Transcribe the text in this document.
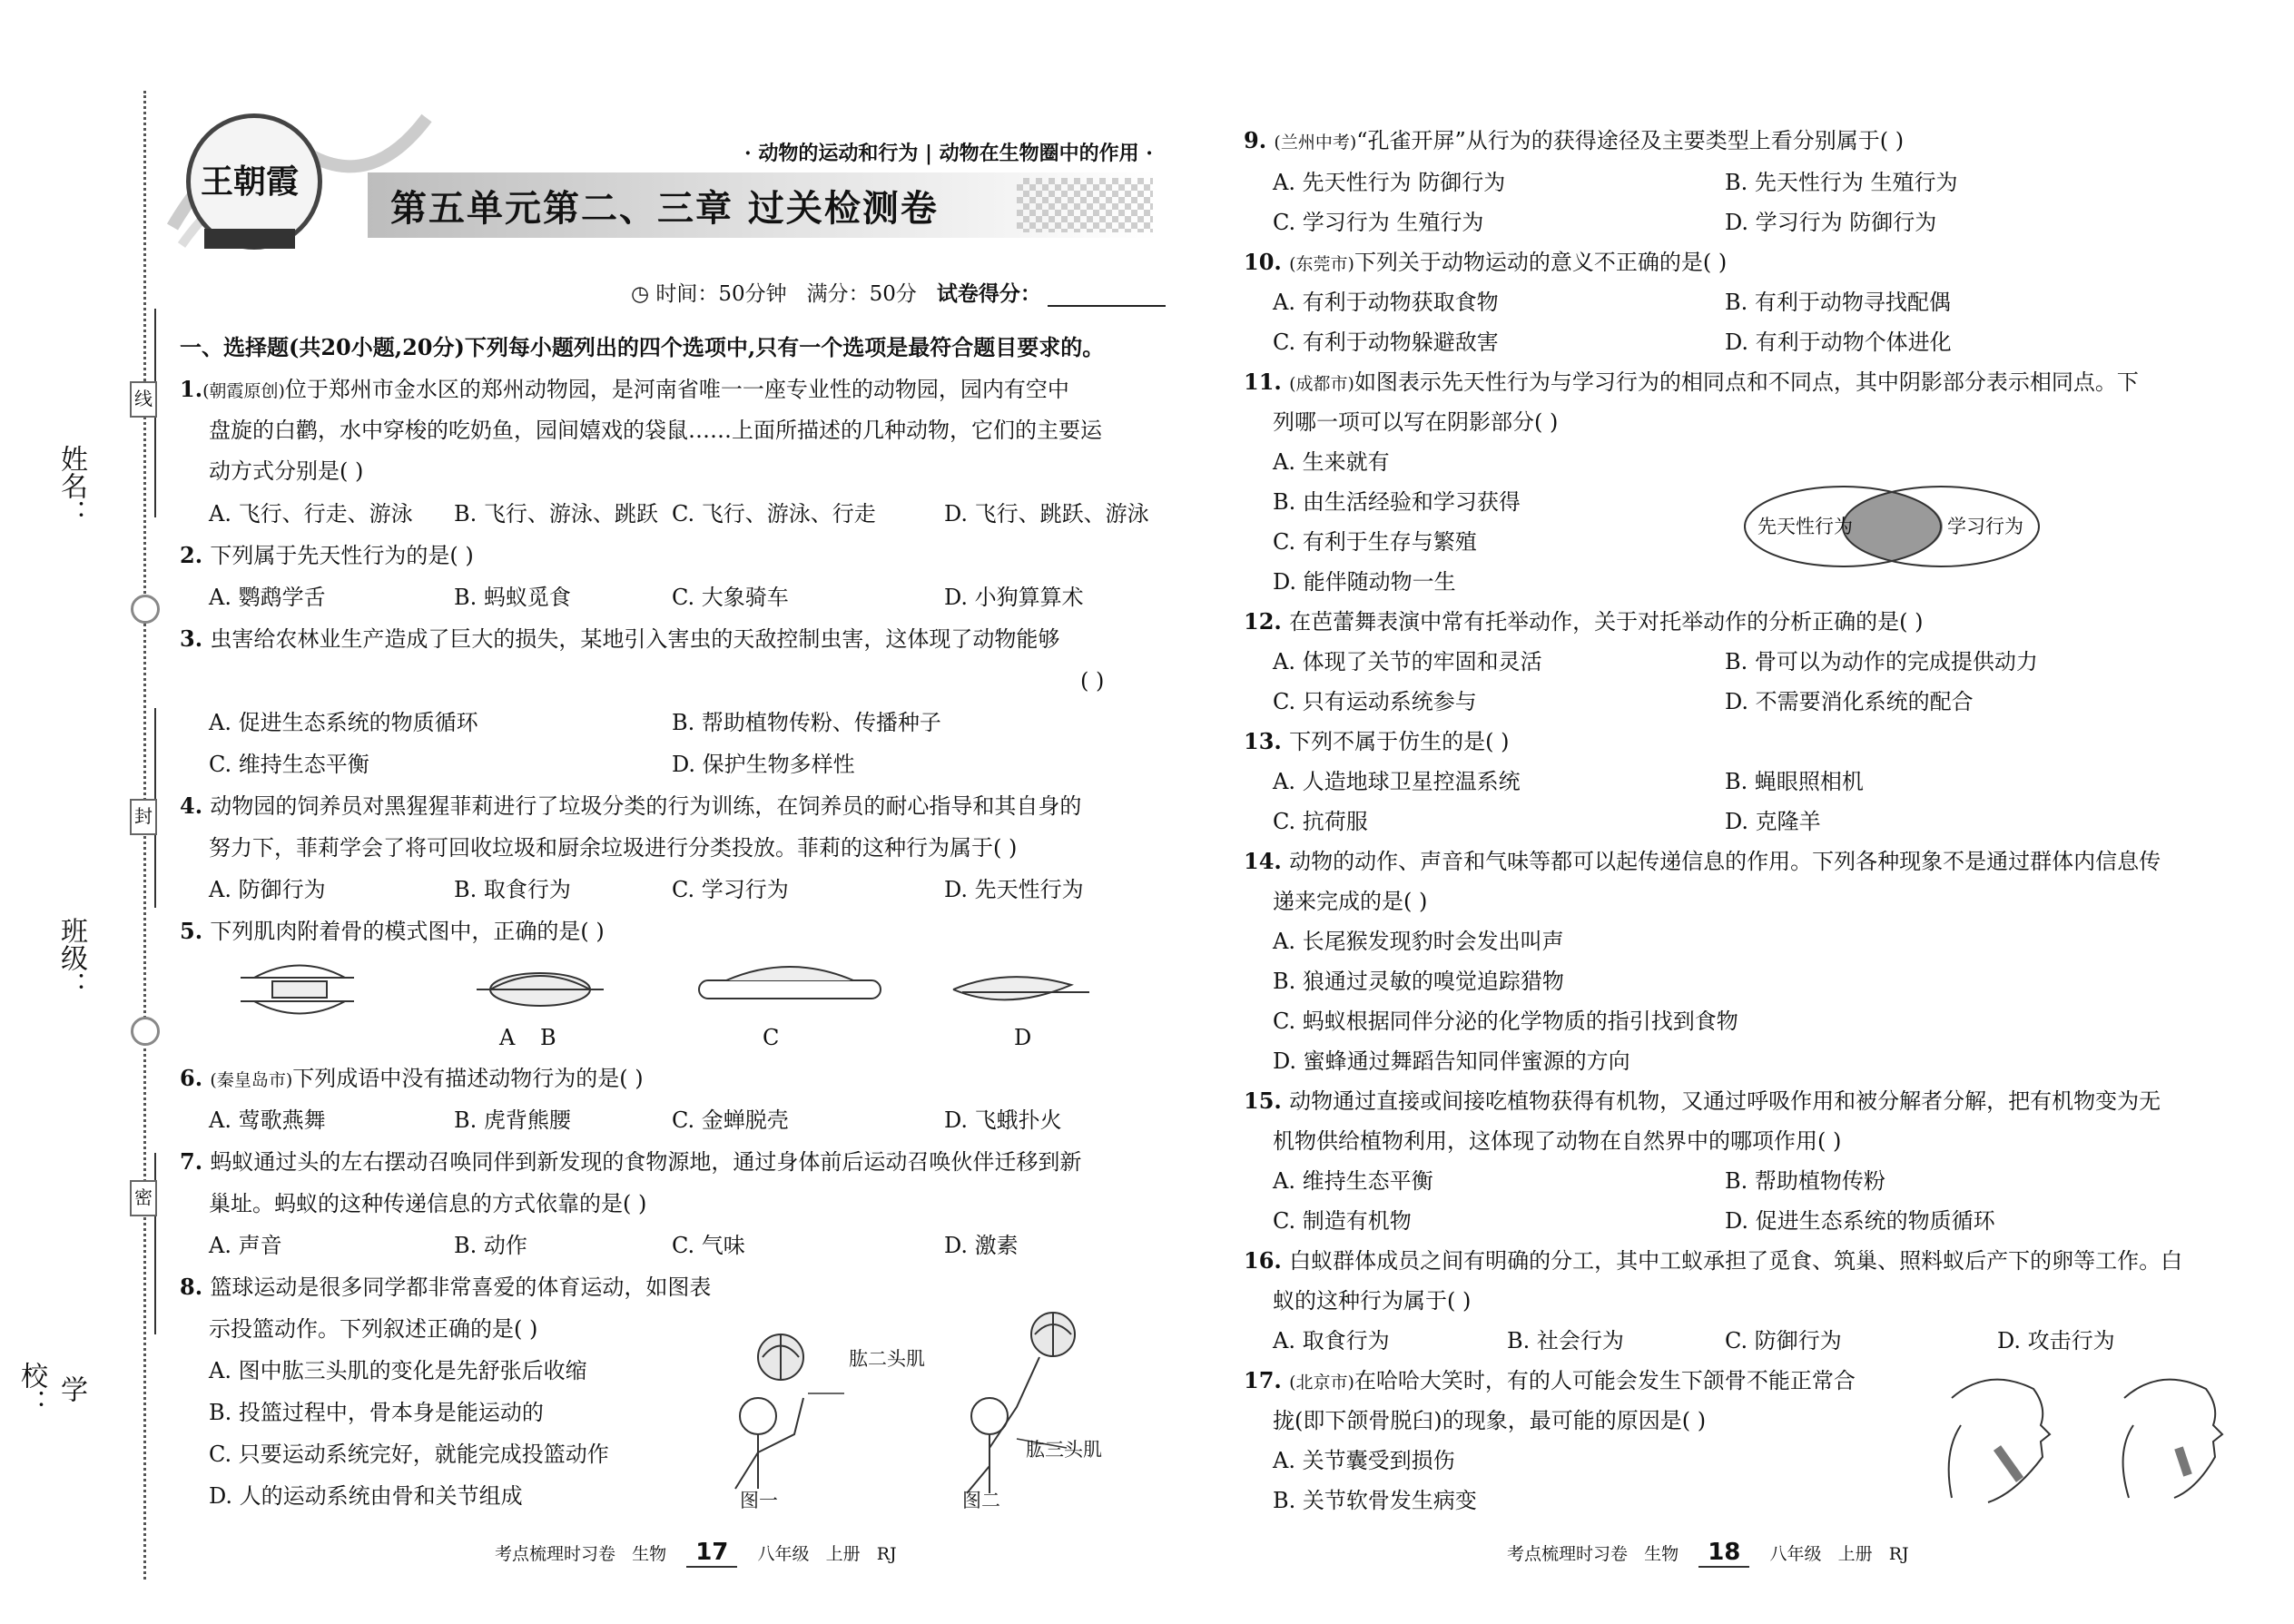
姓名：
班级：
学校：
线
封
密
王朝霞
· 动物的运动和行为 | 动物在生物圈中的作用 ·
第五单元第二、三章 过关检测卷
◷ 时间：50分钟 满分：50分 试卷得分：
一、选择题(共20小题,20分)下列每小题列出的四个选项中,只有一个选项是最符合题目要求的。
1.(朝霞原创)位于郑州市金水区的郑州动物园，是河南省唯一一座专业性的动物园，园内有空中
盘旋的白鹳，水中穿梭的吃奶鱼，园间嬉戏的袋鼠……上面所描述的几种动物，它们的主要运
动方式分别是( )
A. 飞行、行走、游泳 B. 飞行、游泳、跳跃 C. 飞行、游泳、行走	D. 飞行、跳跃、游泳
2. 下列属于先天性行为的是( )
A. 鹦鹉学舌	B. 蚂蚁觅食	C. 大象骑车	D. 小狗算算术
3. 虫害给农林业生产造成了巨大的损失，某地引入害虫的天敌控制虫害，这体现了动物能够
( )
A. 促进生态系统的物质循环	B. 帮助植物传粉、传播种子
C. 维持生态平衡	D. 保护生物多样性
4. 动物园的饲养员对黑猩猩菲莉进行了垃圾分类的行为训练，在饲养员的耐心指导和其自身的
努力下，菲莉学会了将可回收垃圾和厨余垃圾进行分类投放。菲莉的这种行为属于( )
A. 防御行为	B. 取食行为	C. 学习行为	D. 先天性行为
5. 下列肌肉附着骨的模式图中，正确的是( )
A	C
B	D
6. (秦皇岛市)下列成语中没有描述动物行为的是( )
A. 莺歌燕舞	B. 虎背熊腰	C. 金蝉脱壳	D. 飞蛾扑火
7. 蚂蚁通过头的左右摆动召唤同伴到新发现的食物源地，通过身体前后运动召唤伙伴迁移到新
巢址。蚂蚁的这种传递信息的方式依靠的是( )
A. 声音	B. 动作	C. 气味	D. 激素
8. 篮球运动是很多同学都非常喜爱的体育运动，如图表
示投篮动作。下列叙述正确的是( )
A. 图中肱三头肌的变化是先舒张后收缩
B. 投篮过程中，骨本身是能运动的
C. 只要运动系统完好，就能完成投篮动作
D. 人的运动系统由骨和关节组成
肱二头肌
肱三头肌
图一	图二
考点梳理时习卷 生物 17 八年级 上册 RJ
9. (兰州中考)“孔雀开屏”从行为的获得途径及主要类型上看分别属于( )
A. 先天性行为 防御行为	B. 先天性行为 生殖行为
C. 学习行为 生殖行为	D. 学习行为 防御行为
10. (东莞市)下列关于动物运动的意义不正确的是( )
A. 有利于动物获取食物	B. 有利于动物寻找配偶
C. 有利于动物躲避敌害	D. 有利于动物个体进化
11. (成都市)如图表示先天性行为与学习行为的相同点和不同点，其中阴影部分表示相同点。下
列哪一项可以写在阴影部分( )
A. 生来就有
B. 由生活经验和学习获得
C. 有利于生存与繁殖
D. 能伴随动物一生
先天性行为	学习行为
12. 在芭蕾舞表演中常有托举动作，关于对托举动作的分析正确的是( )
A. 体现了关节的牢固和灵活	B. 骨可以为动作的完成提供动力
C. 只有运动系统参与	D. 不需要消化系统的配合
13. 下列不属于仿生的是( )
A. 人造地球卫星控温系统	B. 蝇眼照相机
C. 抗荷服	D. 克隆羊
14. 动物的动作、声音和气味等都可以起传递信息的作用。下列各种现象不是通过群体内信息传
递来完成的是( )
A. 长尾猴发现豹时会发出叫声
B. 狼通过灵敏的嗅觉追踪猎物
C. 蚂蚁根据同伴分泌的化学物质的指引找到食物
D. 蜜蜂通过舞蹈告知同伴蜜源的方向
15. 动物通过直接或间接吃植物获得有机物，又通过呼吸作用和被分解者分解，把有机物变为无
机物供给植物利用，这体现了动物在自然界中的哪项作用( )
A. 维持生态平衡	B. 帮助植物传粉
C. 制造有机物	D. 促进生态系统的物质循环
16. 白蚁群体成员之间有明确的分工，其中工蚁承担了觅食、筑巢、照料蚁后产下的卵等工作。白
蚁的这种行为属于( )
A. 取食行为	B. 社会行为	C. 防御行为	D. 攻击行为
17. (北京市)在哈哈大笑时，有的人可能会发生下颌骨不能正常合
拢(即下颌骨脱臼)的现象，最可能的原因是( )
A. 关节囊受到损伤
B. 关节软骨发生病变
考点梳理时习卷 生物 18 八年级 上册 RJ
